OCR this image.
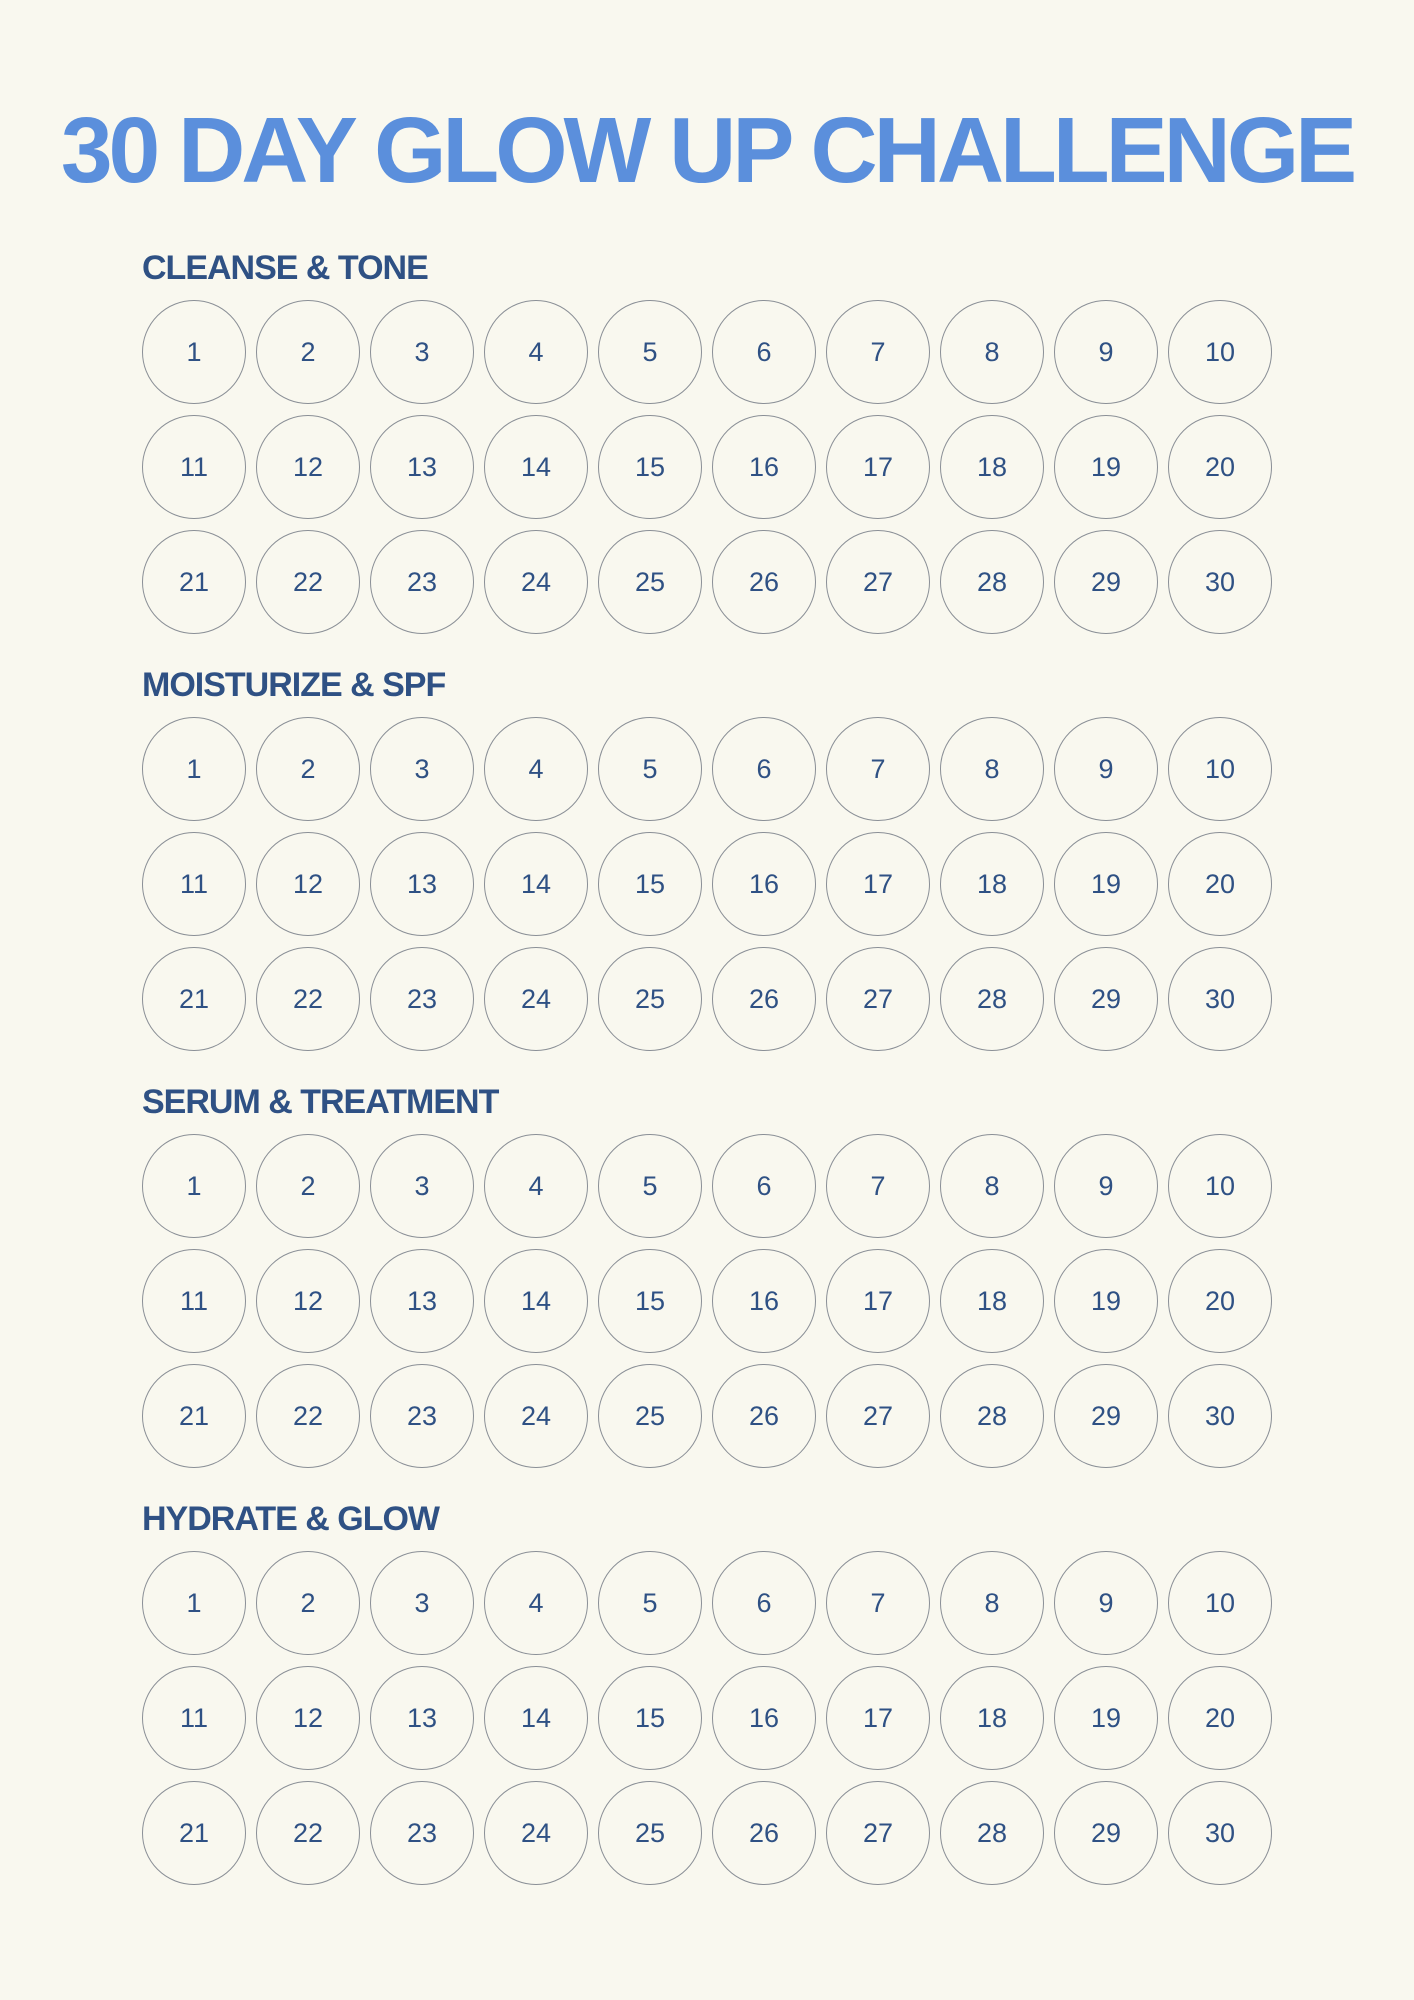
30 DAY GLOW UP CHALLENGE
CLEANSE & TONE
1	2	3	4	5	6	7	8	9	10
11	12	13	14	15	16	17	18	19	20
21	22	23	24	25	26	27	28	29	30
MOISTURIZE & SPF
1	2	3	4	5	6	7	8	9	10
11	12	13	14	15	16	17	18	19	20
21	22	23	24	25	26	27	28	29	30
SERUM & TREATMENT
1	2	3	4	5	6	7	8	9	10
11	12	13	14	15	16	17	18	19	20
21	22	23	24	25	26	27	28	29	30
HYDRATE & GLOW
1	2	3	4	5	6	7	8	9	10
11	12	13	14	15	16	17	18	19	20
21	22	23	24	25	26	27	28	29	30
